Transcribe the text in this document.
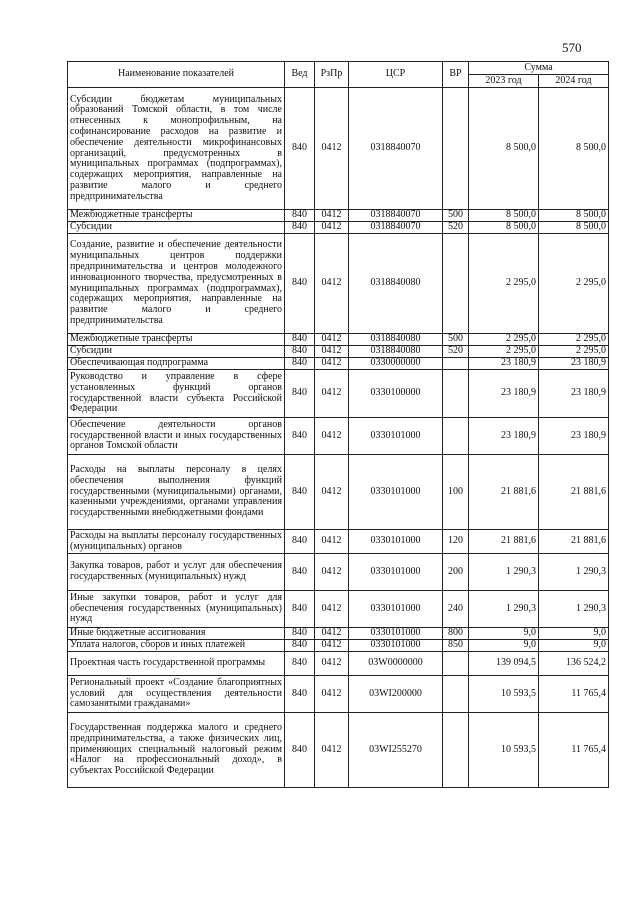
570
Наименование показателей	Вед	РзПр	ЦСР	ВР	Сумма	
					2023 год	2024 год
Субсидии бюджетам муниципальных образований Томской области, в том числе отнесенных к монопрофильным, на софинансирование расходов на развитие и обеспечение деятельности микрофинансовых организаций, предусмотренных в муниципальных программах (подпрограммах), содержащих мероприятия, направленные на развитие малого и среднего предпринимательства	840	0412	0318840070		8 500,0	8 500,0
Межбюджетные трансферты	840	0412	0318840070	500	8 500,0	8 500,0
Субсидии	840	0412	0318840070	520	8 500,0	8 500,0
Создание, развитие и обеспечение деятельности муниципальных центров поддержки предпринимательства и центров молодежного инновационного творчества, предусмотренных в муниципальных программах (подпрограммах), содержащих мероприятия, направленные на развитие малого и среднего предпринимательства	840	0412	0318840080		2 295,0	2 295,0
Межбюджетные трансферты	840	0412	0318840080	500	2 295,0	2 295,0
Субсидии	840	0412	0318840080	520	2 295,0	2 295,0
Обеспечивающая подпрограмма	840	0412	0330000000		23 180,9	23 180,9
Руководство и управление в сфере установленных функций органов государственной власти субъекта Российской Федерации	840	0412	0330100000		23 180,9	23 180,9
Обеспечение деятельности органов государственной власти и иных государственных органов Томской области	840	0412	0330101000		23 180,9	23 180,9
Расходы на выплаты персоналу в целях обеспечения выполнения функций государственными (муниципальными) органами, казенными учреждениями, органами управления государственными внебюджетными фондами	840	0412	0330101000	100	21 881,6	21 881,6
Расходы на выплаты персоналу государственных (муниципальных) органов	840	0412	0330101000	120	21 881,6	21 881,6
Закупка товаров, работ и услуг для обеспечения государственных (муниципальных) нужд	840	0412	0330101000	200	1 290,3	1 290,3
Иные закупки товаров, работ и услуг для обеспечения государственных (муниципальных) нужд	840	0412	0330101000	240	1 290,3	1 290,3
Иные бюджетные ассигнования	840	0412	0330101000	800	9,0	9,0
Уплата налогов, сборов и иных платежей	840	0412	0330101000	850	9,0	9,0
Проектная часть государственной программы	840	0412	03W0000000		139 094,5	136 524,2
Региональный проект «Создание благоприятных условий для осуществления деятельности самозанятыми гражданами»	840	0412	03WI200000		10 593,5	11 765,4
Государственная поддержка малого и среднего предпринимательства, а также физических лиц, применяющих специальный налоговый режим «Налог на профессиональный доход», в субъектах Российской Федерации	840	0412	03WI255270		10 593,5	11 765,4
